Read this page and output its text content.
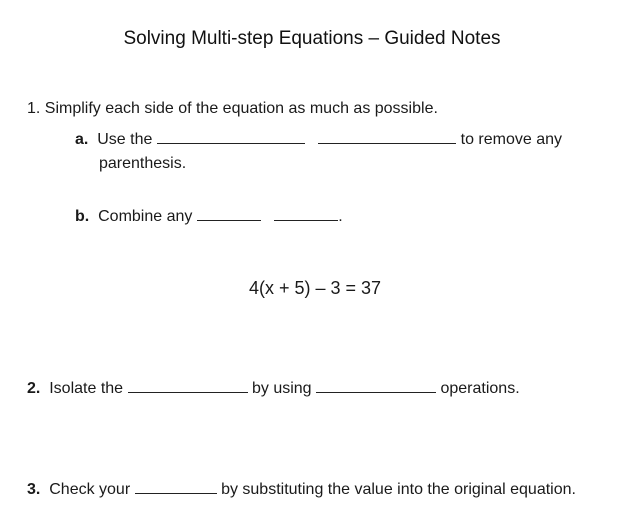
Solving Multi-step Equations – Guided Notes
1. Simplify each side of the equation as much as possible.
a. Use the	to remove any
parenthesis.
b. Combine any	.
4(x + 5) – 3 = 37
2. Isolate the	by using	operations.
3. Check your	by substituting the value into the original equation.
